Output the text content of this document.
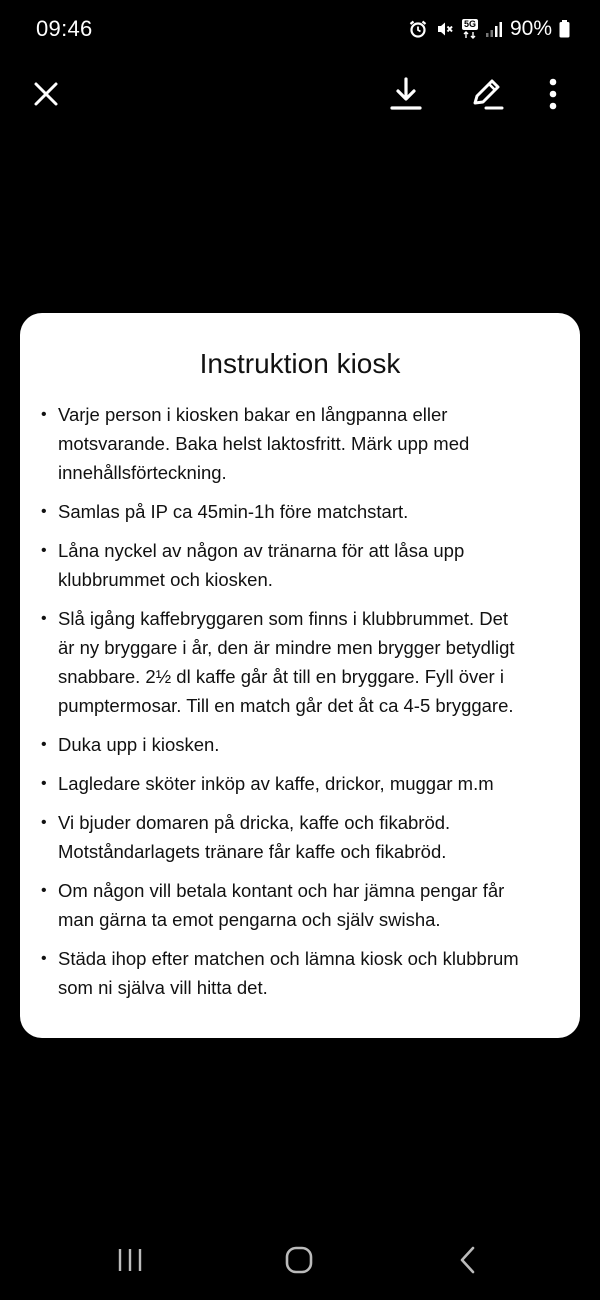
09:46	5G 90%
Instruktion kiosk
• Varje person i kiosken bakar en långpanna eller
motsvarande. Baka helst laktosfritt. Märk upp med
innehållsförteckning.
• Samlas på IP ca 45min-1h före matchstart.
• Låna nyckel av någon av tränarna för att låsa upp
klubbrummet och kiosken.
• Slå igång kaffebryggaren som finns i klubbrummet. Det
är ny bryggare i år, den är mindre men brygger betydligt
snabbare. 2½ dl kaffe går åt till en bryggare. Fyll över i
pumptermosar. Till en match går det åt ca 4-5 bryggare.
• Duka upp i kiosken.
• Lagledare sköter inköp av kaffe, drickor, muggar m.m
• Vi bjuder domaren på dricka, kaffe och fikabröd.
Motståndarlagets tränare får kaffe och fikabröd.
• Om någon vill betala kontant och har jämna pengar får
man gärna ta emot pengarna och själv swisha.
• Städa ihop efter matchen och lämna kiosk och klubbrum
som ni själva vill hitta det.
